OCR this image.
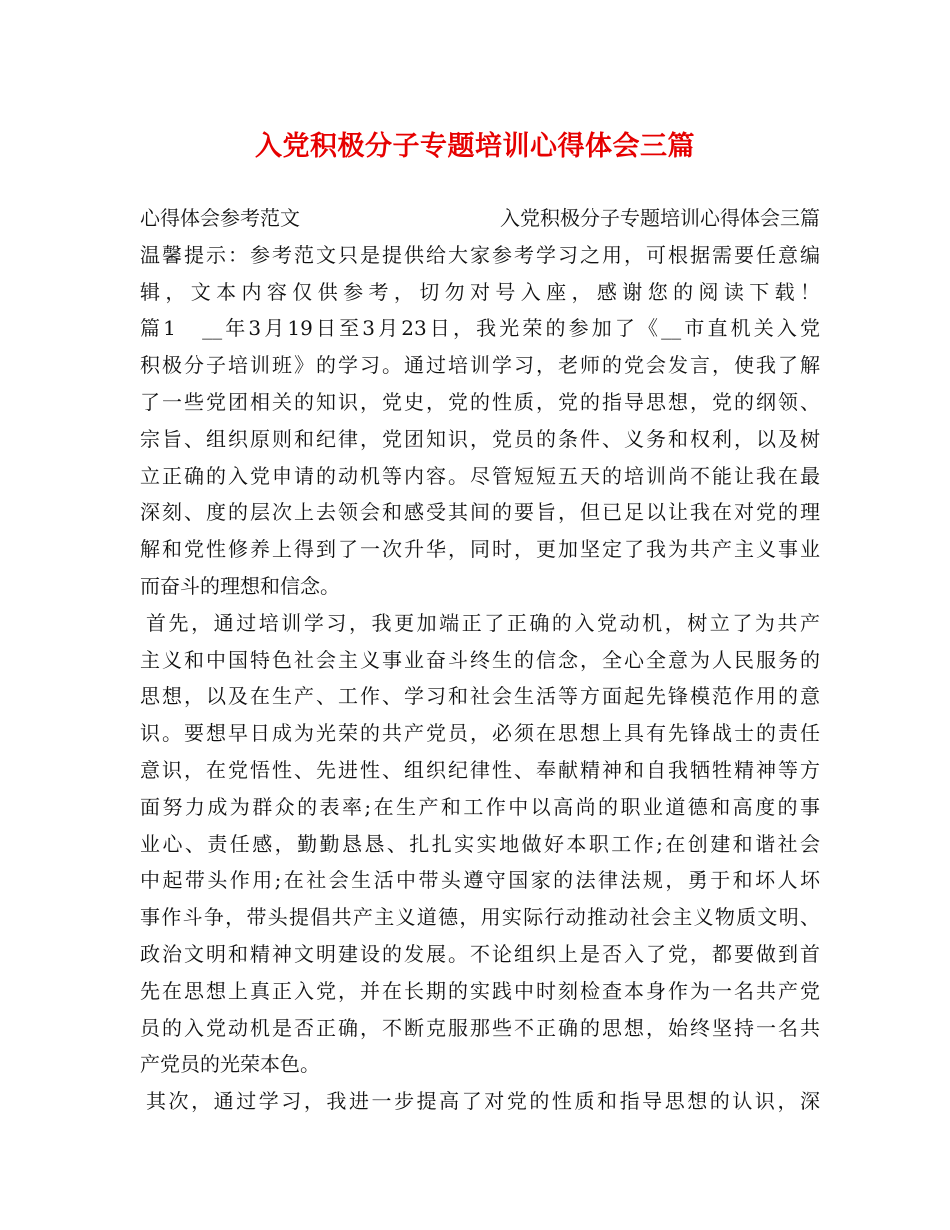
入党积极分子专题培训心得体会三篇
心得体会参考范文	入党积极分子专题培训心得体会三篇
温馨提示：参考范文只是提供给大家参考学习之用，可根据需要任意编
辑，文本内容仅供参考，切勿对号入座，感谢您的阅读下载！
篇1　__年3月19日至3月23日，我光荣的参加了《__市直机关入党
积极分子培训班》的学习。通过培训学习，老师的党会发言，使我了解
了一些党团相关的知识，党史，党的性质，党的指导思想，党的纲领、
宗旨、组织原则和纪律，党团知识，党员的条件、义务和权利，以及树
立正确的入党申请的动机等内容。尽管短短五天的培训尚不能让我在最
深刻、度的层次上去领会和感受其间的要旨，但已足以让我在对党的理
解和党性修养上得到了一次升华，同时，更加坚定了我为共产主义事业
而奋斗的理想和信念。
首先，通过培训学习，我更加端正了正确的入党动机，树立了为共产
主义和中国特色社会主义事业奋斗终生的信念，全心全意为人民服务的
思想，以及在生产、工作、学习和社会生活等方面起先锋模范作用的意
识。要想早日成为光荣的共产党员，必须在思想上具有先锋战士的责任
意识，在党悟性、先进性、组织纪律性、奉献精神和自我牺牲精神等方
面努力成为群众的表率;在生产和工作中以高尚的职业道德和高度的事
业心、责任感，勤勤恳恳、扎扎实实地做好本职工作;在创建和谐社会
中起带头作用;在社会生活中带头遵守国家的法律法规，勇于和坏人坏
事作斗争，带头提倡共产主义道德，用实际行动推动社会主义物质文明、
政治文明和精神文明建设的发展。不论组织上是否入了党，都要做到首
先在思想上真正入党，并在长期的实践中时刻检查本身作为一名共产党
员的入党动机是否正确，不断克服那些不正确的思想，始终坚持一名共
产党员的光荣本色。
其次，通过学习，我进一步提高了对党的性质和指导思想的认识，深
